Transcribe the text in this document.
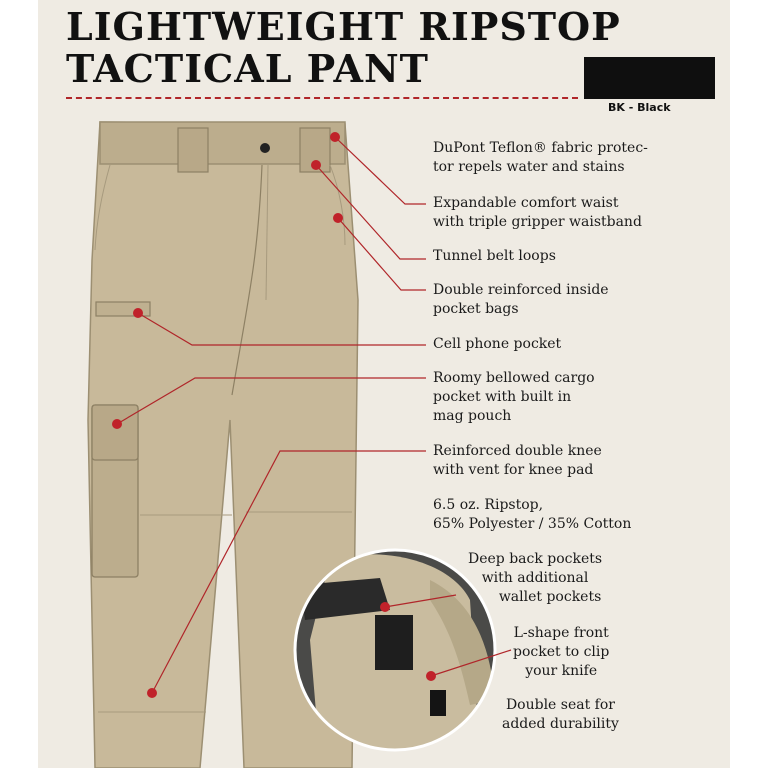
LIGHTWEIGHT RIPSTOP
TACTICAL PANT
BK - Black
DuPont Teflon® fabric protec-
tor repels water and stains
Expandable comfort waist
with triple gripper waistband
Tunnel belt loops
Double reinforced inside
pocket bags
Cell phone pocket
Roomy bellowed cargo
pocket with built in
mag pouch
Reinforced double knee
with vent for knee pad
6.5 oz. Ripstop,
65% Polyester / 35% Cotton
Deep back pockets
with additional
wallet pockets
L-shape front
pocket to clip
your knife
Double seat for
added durability
